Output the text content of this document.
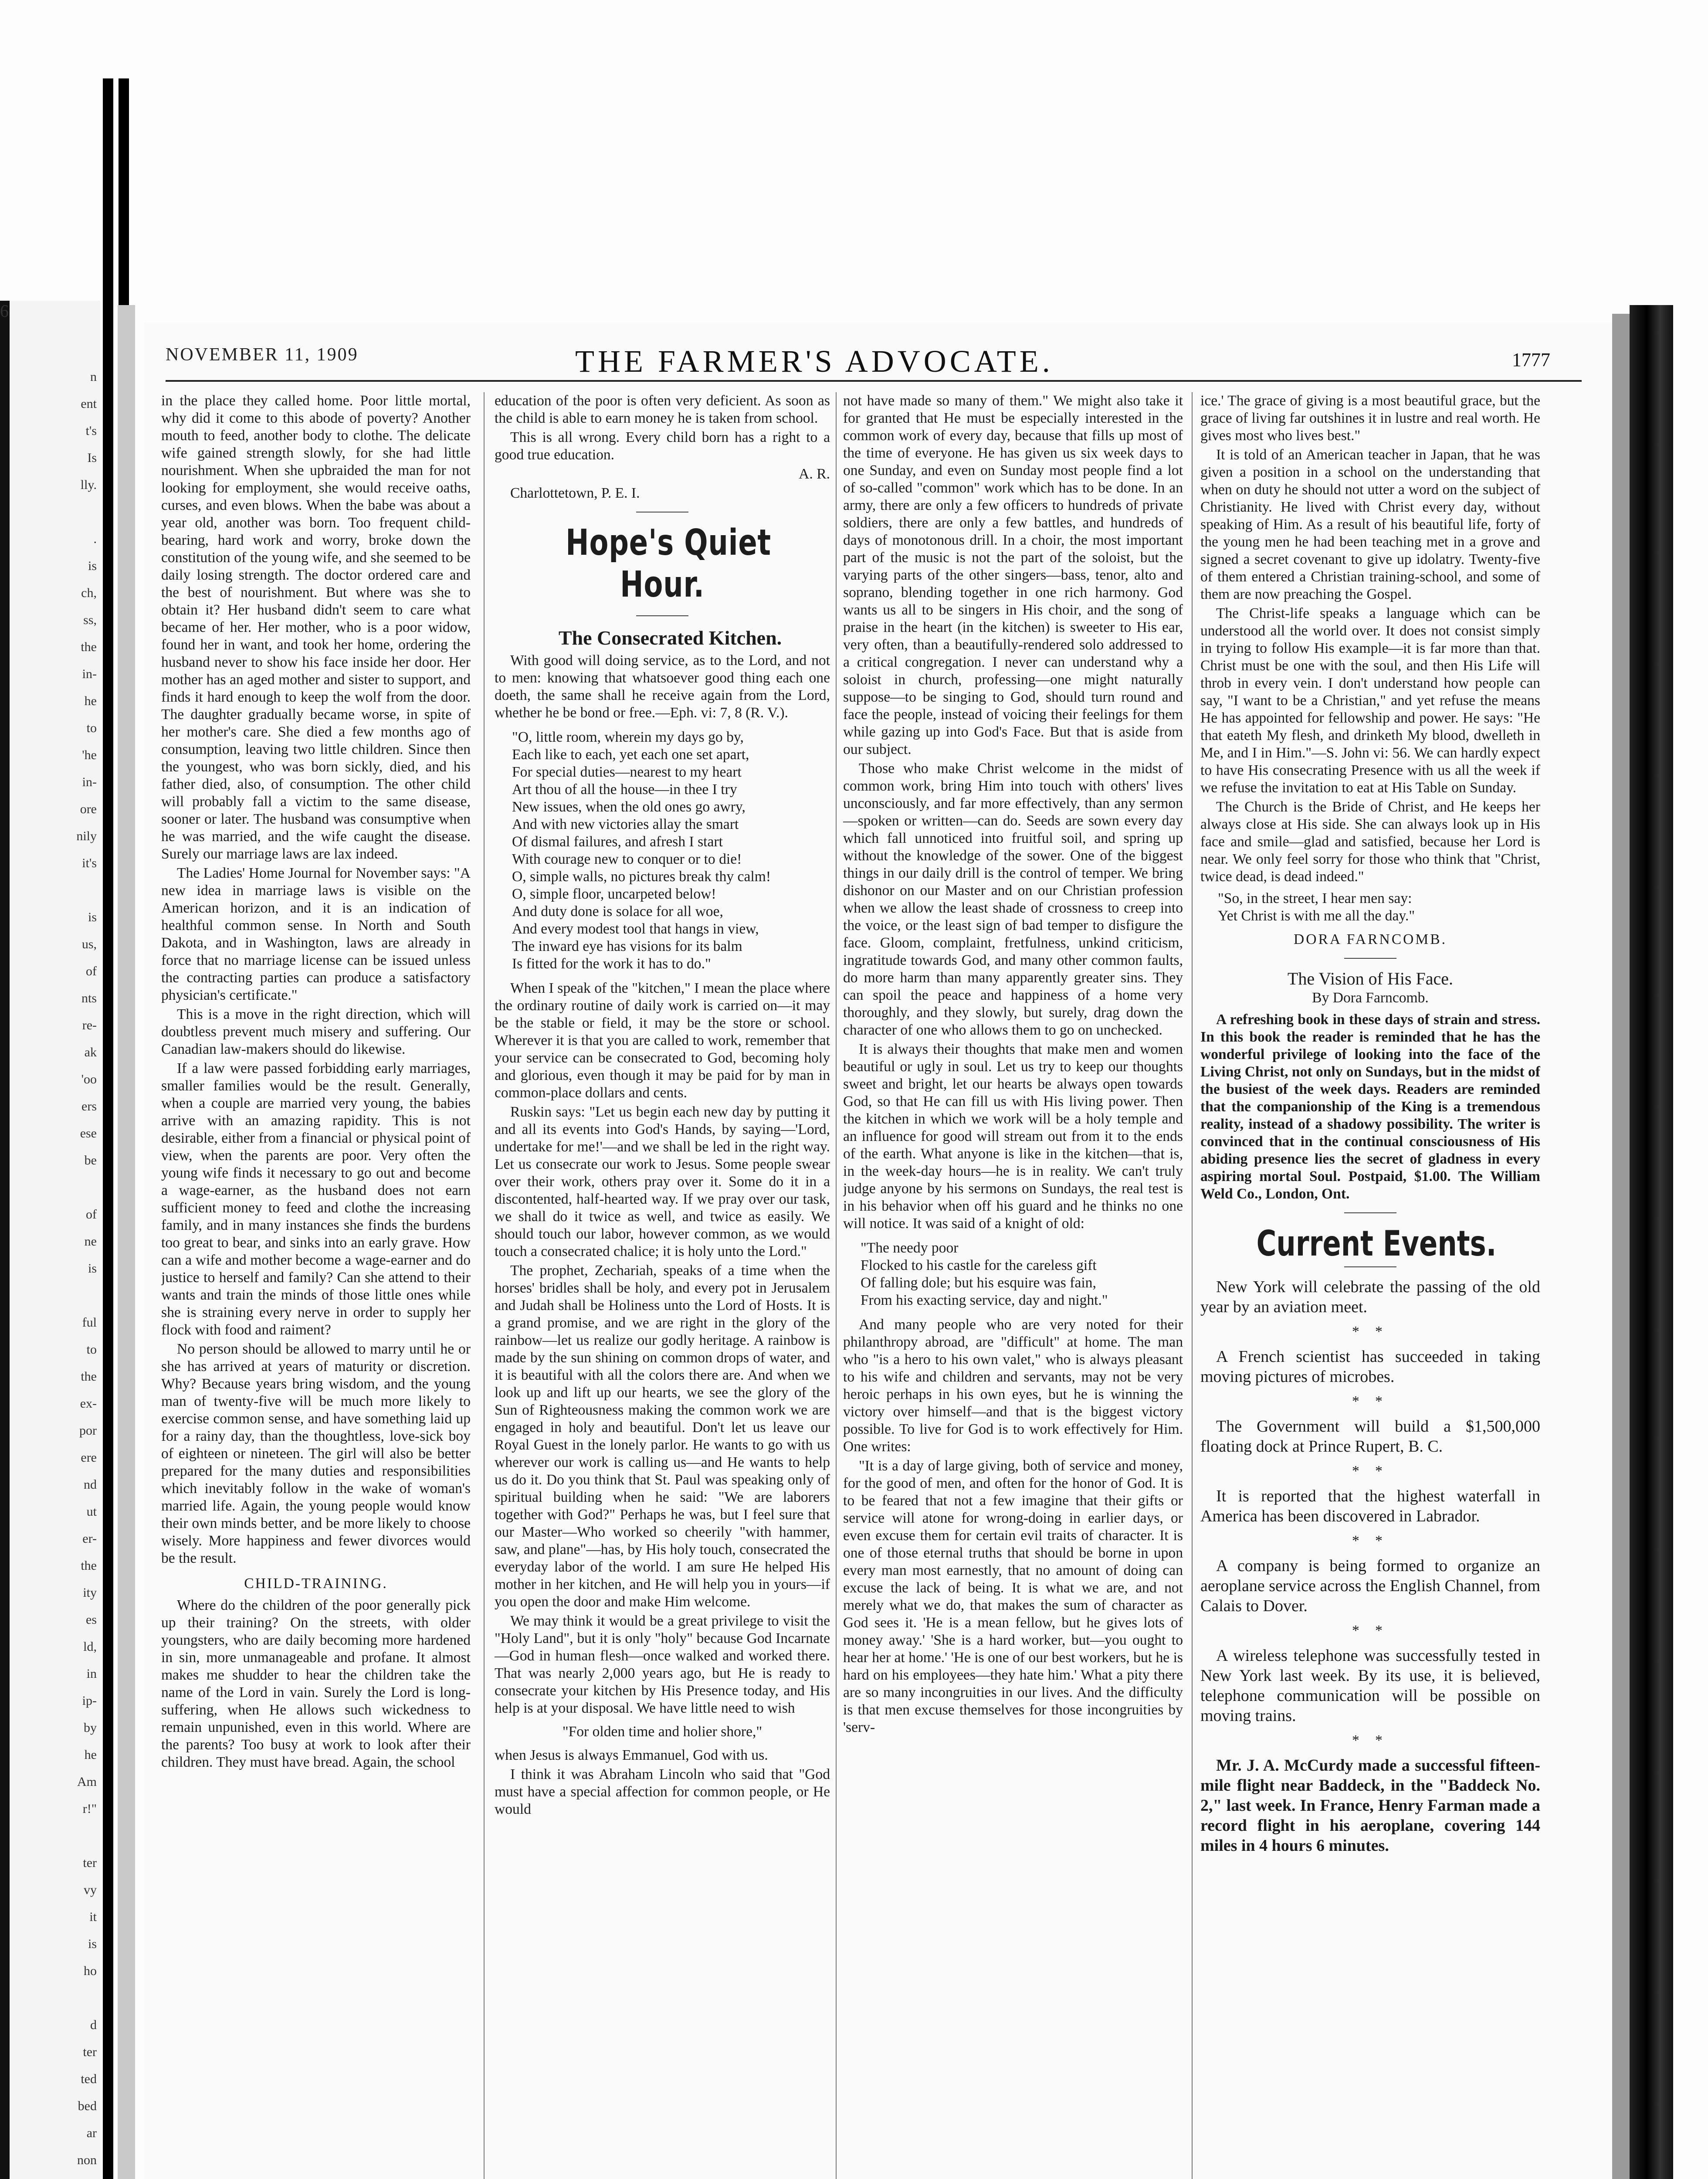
n
ent
t's
Is
lly.

.
is
ch,
ss,
the
in-
he
to
'he
in-
ore
nily
it's

is
us,
of
nts
re-
ak
'oo
ers
ese
be

of
ne
is

ful
to
the
ex-
por
ere
nd
ut
er-
the
ity
es
ld,
in
ip-
by
he
Am
r!"

ter
vy
it
is
ho

d
ter
ted
bed
ar
non

6
NOVEMBER 11, 1909	THE FARMER'S ADVOCATE.	1777

in the place they called home. Poor little mortal, why did it come to this abode of poverty? Another mouth to feed, another body to clothe. The delicate wife gained strength slowly, for she had little nourishment. When she upbraided the man for not looking for employment, she would receive oaths, curses, and even blows. When the babe was about a year old, another was born. Too frequent child-bearing, hard work and worry, broke down the constitution of the young wife, and she seemed to be daily losing strength. The doctor ordered care and the best of nourishment. But where was she to obtain it? Her husband didn't seem to care what became of her. Her mother, who is a poor widow, found her in want, and took her home, ordering the husband never to show his face inside her door. Her mother has an aged mother and sister to support, and finds it hard enough to keep the wolf from the door. The daughter gradually became worse, in spite of her mother's care. She died a few months ago of consumption, leaving two little children. Since then the youngest, who was born sickly, died, and his father died, also, of consumption. The other child will probably fall a victim to the same disease, sooner or later. The husband was consumptive when he was married, and the wife caught the disease. Surely our marriage laws are lax indeed.

The Ladies' Home Journal for November says: "A new idea in marriage laws is visible on the American horizon, and it is an indication of healthful common sense. In North and South Dakota, and in Washington, laws are already in force that no marriage license can be issued unless the contracting parties can produce a satisfactory physician's certificate."

This is a move in the right direction, which will doubtless prevent much misery and suffering. Our Canadian law-makers should do likewise.

If a law were passed forbidding early marriages, smaller families would be the result. Generally, when a couple are married very young, the babies arrive with an amazing rapidity. This is not desirable, either from a financial or physical point of view, when the parents are poor. Very often the young wife finds it necessary to go out and become a wage-earner, as the husband does not earn sufficient money to feed and clothe the increasing family, and in many instances she finds the burdens too great to bear, and sinks into an early grave. How can a wife and mother become a wage-earner and do justice to herself and family? Can she attend to their wants and train the minds of those little ones while she is straining every nerve in order to supply her flock with food and raiment?

No person should be allowed to marry until he or she has arrived at years of maturity or discretion. Why? Because years bring wisdom, and the young man of twenty-five will be much more likely to exercise common sense, and have something laid up for a rainy day, than the thoughtless, love-sick boy of eighteen or nineteen. The girl will also be better prepared for the many duties and responsibilities which inevitably follow in the wake of woman's married life. Again, the young people would know their own minds better, and be more likely to choose wisely. More happiness and fewer divorces would be the result.

CHILD-TRAINING.

Where do the children of the poor generally pick up their training? On the streets, with older youngsters, who are daily becoming more hardened in sin, more unmanageable and profane. It almost makes me shudder to hear the children take the name of the Lord in vain. Surely the Lord is long-suffering, when He allows such wickedness to remain unpunished, even in this world. Where are the parents? Too busy at work to look after their children. They must have bread. Again, the school

education of the poor is often very deficient. As soon as the child is able to earn money he is taken from school.

This is all wrong. Every child born has a right to a good true education.

A. R.

Charlottetown, P. E. I.

Hope's Quiet Hour.

The Consecrated Kitchen.

With good will doing service, as to the Lord, and not to men: knowing that whatsoever good thing each one doeth, the same shall he receive again from the Lord, whether he be bond or free.—Eph. vi: 7, 8 (R. V.).

"O, little room, wherein my days go by,
Each like to each, yet each one set apart,
For special duties—nearest to my heart
Art thou of all the house—in thee I try
New issues, when the old ones go awry,
And with new victories allay the smart
Of dismal failures, and afresh I start
With courage new to conquer or to die!
O, simple walls, no pictures break thy calm!
O, simple floor, uncarpeted below!
And duty done is solace for all woe,
And every modest tool that hangs in view,
The inward eye has visions for its balm
Is fitted for the work it has to do."

When I speak of the "kitchen," I mean the place where the ordinary routine of daily work is carried on—it may be the stable or field, it may be the store or school. Wherever it is that you are called to work, remember that your service can be consecrated to God, becoming holy and glorious, even though it may be paid for by man in common-place dollars and cents.

Ruskin says: "Let us begin each new day by putting it and all its events into God's Hands, by saying—'Lord, undertake for me!'—and we shall be led in the right way. Let us consecrate our work to Jesus. Some people swear over their work, others pray over it. Some do it in a discontented, half-hearted way. If we pray over our task, we shall do it twice as well, and twice as easily. We should touch our labor, however common, as we would touch a consecrated chalice; it is holy unto the Lord."

The prophet, Zechariah, speaks of a time when the horses' bridles shall be holy, and every pot in Jerusalem and Judah shall be Holiness unto the Lord of Hosts. It is a grand promise, and we are right in the glory of the rainbow—let us realize our godly heritage. A rainbow is made by the sun shining on common drops of water, and it is beautiful with all the colors there are. And when we look up and lift up our hearts, we see the glory of the Sun of Righteousness making the common work we are engaged in holy and beautiful. Don't let us leave our Royal Guest in the lonely parlor. He wants to go with us wherever our work is calling us—and He wants to help us do it. Do you think that St. Paul was speaking only of spiritual building when he said: "We are laborers together with God?" Perhaps he was, but I feel sure that our Master—Who worked so cheerily "with hammer, saw, and plane"—has, by His holy touch, consecrated the everyday labor of the world. I am sure He helped His mother in her kitchen, and He will help you in yours—if you open the door and make Him welcome.

We may think it would be a great privilege to visit the "Holy Land", but it is only "holy" because God Incarnate—God in human flesh—once walked and worked there. That was nearly 2,000 years ago, but He is ready to consecrate your kitchen by His Presence today, and His help is at your disposal. We have little need to wish

"For olden time and holier shore,"

when Jesus is always Emmanuel, God with us.

I think it was Abraham Lincoln who said that "God must have a special affection for common people, or He would

not have made so many of them." We might also take it for granted that He must be especially interested in the common work of every day, because that fills up most of the time of everyone. He has given us six week days to one Sunday, and even on Sunday most people find a lot of so-called "common" work which has to be done. In an army, there are only a few officers to hundreds of private soldiers, there are only a few battles, and hundreds of days of monotonous drill. In a choir, the most important part of the music is not the part of the soloist, but the varying parts of the other singers—bass, tenor, alto and soprano, blending together in one rich harmony. God wants us all to be singers in His choir, and the song of praise in the heart (in the kitchen) is sweeter to His ear, very often, than a beautifully-rendered solo addressed to a critical congregation. I never can understand why a soloist in church, professing—one might naturally suppose—to be singing to God, should turn round and face the people, instead of voicing their feelings for them while gazing up into God's Face. But that is aside from our subject.

Those who make Christ welcome in the midst of common work, bring Him into touch with others' lives unconsciously, and far more effectively, than any sermon—spoken or written—can do. Seeds are sown every day which fall unnoticed into fruitful soil, and spring up without the knowledge of the sower. One of the biggest things in our daily drill is the control of temper. We bring dishonor on our Master and on our Christian profession when we allow the least shade of crossness to creep into the voice, or the least sign of bad temper to disfigure the face. Gloom, complaint, fretfulness, unkind criticism, ingratitude towards God, and many other common faults, do more harm than many apparently greater sins. They can spoil the peace and happiness of a home very thoroughly, and they slowly, but surely, drag down the character of one who allows them to go on unchecked.

It is always their thoughts that make men and women beautiful or ugly in soul. Let us try to keep our thoughts sweet and bright, let our hearts be always open towards God, so that He can fill us with His living power. Then the kitchen in which we work will be a holy temple and an influence for good will stream out from it to the ends of the earth. What anyone is like in the kitchen—that is, in the week-day hours—he is in reality. We can't truly judge anyone by his sermons on Sundays, the real test is in his behavior when off his guard and he thinks no one will notice. It was said of a knight of old:

"The needy poor
Flocked to his castle for the careless gift
Of falling dole; but his esquire was fain,
From his exacting service, day and night."

And many people who are very noted for their philanthropy abroad, are "difficult" at home. The man who "is a hero to his own valet," who is always pleasant to his wife and children and servants, may not be very heroic perhaps in his own eyes, but he is winning the victory over himself—and that is the biggest victory possible. To live for God is to work effectively for Him. One writes:

"It is a day of large giving, both of service and money, for the good of men, and often for the honor of God. It is to be feared that not a few imagine that their gifts or service will atone for wrong-doing in earlier days, or even excuse them for certain evil traits of character. It is one of those eternal truths that should be borne in upon every man most earnestly, that no amount of doing can excuse the lack of being. It is what we are, and not merely what we do, that makes the sum of character as God sees it. 'He is a mean fellow, but he gives lots of money away.' 'She is a hard worker, but—you ought to hear her at home.' 'He is one of our best workers, but he is hard on his employees—they hate him.' What a pity there are so many incongruities in our lives. And the difficulty is that men excuse themselves for those incongruities by 'serv-

ice.' The grace of giving is a most beautiful grace, but the grace of living far outshines it in lustre and real worth. He gives most who lives best."

It is told of an American teacher in Japan, that he was given a position in a school on the understanding that when on duty he should not utter a word on the subject of Christianity. He lived with Christ every day, without speaking of Him. As a result of his beautiful life, forty of the young men he had been teaching met in a grove and signed a secret covenant to give up idolatry. Twenty-five of them entered a Christian training-school, and some of them are now preaching the Gospel.

The Christ-life speaks a language which can be understood all the world over. It does not consist simply in trying to follow His example—it is far more than that. Christ must be one with the soul, and then His Life will throb in every vein. I don't understand how people can say, "I want to be a Christian," and yet refuse the means He has appointed for fellowship and power. He says: "He that eateth My flesh, and drinketh My blood, dwelleth in Me, and I in Him."—S. John vi: 56. We can hardly expect to have His consecrating Presence with us all the week if we refuse the invitation to eat at His Table on Sunday.

The Church is the Bride of Christ, and He keeps her always close at His side. She can always look up in His face and smile—glad and satisfied, because her Lord is near. We only feel sorry for those who think that "Christ, twice dead, is dead indeed."

"So, in the street, I hear men say:
Yet Christ is with me all the day."

DORA FARNCOMB.

The Vision of His Face.

By Dora Farncomb.

A refreshing book in these days of strain and stress. In this book the reader is reminded that he has the wonderful privilege of looking into the face of the Living Christ, not only on Sundays, but in the midst of the busiest of the week days. Readers are reminded that the companionship of the King is a tremendous reality, instead of a shadowy possibility. The writer is convinced that in the continual consciousness of His abiding presence lies the secret of gladness in every aspiring mortal Soul. Postpaid, $1.00. The William Weld Co., London, Ont.

Current Events.

New York will celebrate the passing of the old year by an aviation meet.

* *

A French scientist has succeeded in taking moving pictures of microbes.

* *

The Government will build a $1,500,000 floating dock at Prince Rupert, B. C.

* *

It is reported that the highest waterfall in America has been discovered in Labrador.

* *

A company is being formed to organize an aeroplane service across the English Channel, from Calais to Dover.

* *

A wireless telephone was successfully tested in New York last week. By its use, it is believed, telephone communication will be possible on moving trains.

* *

Mr. J. A. McCurdy made a successful fifteen-mile flight near Baddeck, in the "Baddeck No. 2," last week. In France, Henry Farman made a record flight in his aeroplane, covering 144 miles in 4 hours 6 minutes.
